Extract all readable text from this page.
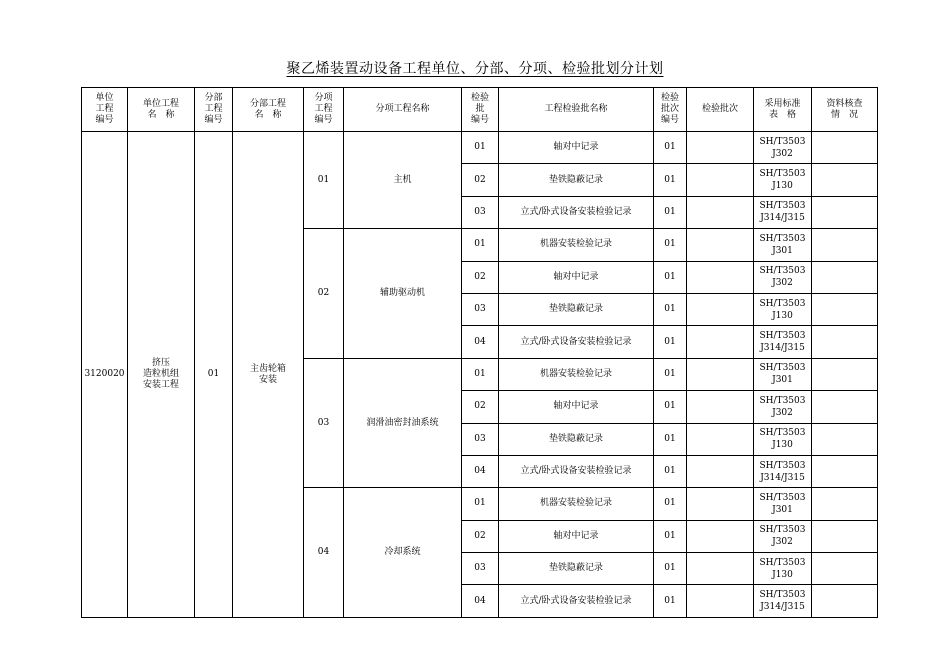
聚乙烯装置动设备工程单位、分部、分项、检验批划分计划
单位
工程
编号	单位工程
名　称	分部
工程
编号	分部工程
名　称	分项
工程
编号	分项工程名称	检验
批
编号	工程检验批名称	检验
批次
编号	检验批次	采用标准
表　格	资料核查
情　况
3120020	挤压
造粒机组
安装工程	01	主齿轮箱
安装	01	主机	01	轴对中记录	01		SH/T3503
J302	
						02	垫铁隐蔽记录	01		SH/T3503
J130	
						03	立式/卧式设备安装检验记录	01		SH/T3503
J314/J315	
				02	辅助驱动机	01	机器安装检验记录	01		SH/T3503
J301	
						02	轴对中记录	01		SH/T3503
J302	
						03	垫铁隐蔽记录	01		SH/T3503
J130	
						04	立式/卧式设备安装检验记录	01		SH/T3503
J314/J315	
				03	润滑油密封油系统	01	机器安装检验记录	01		SH/T3503
J301	
						02	轴对中记录	01		SH/T3503
J302	
						03	垫铁隐蔽记录	01		SH/T3503
J130	
						04	立式/卧式设备安装检验记录	01		SH/T3503
J314/J315	
				04	冷却系统	01	机器安装检验记录	01		SH/T3503
J301	
						02	轴对中记录	01		SH/T3503
J302	
						03	垫铁隐蔽记录	01		SH/T3503
J130	
						04	立式/卧式设备安装检验记录	01		SH/T3503
J314/J315	
